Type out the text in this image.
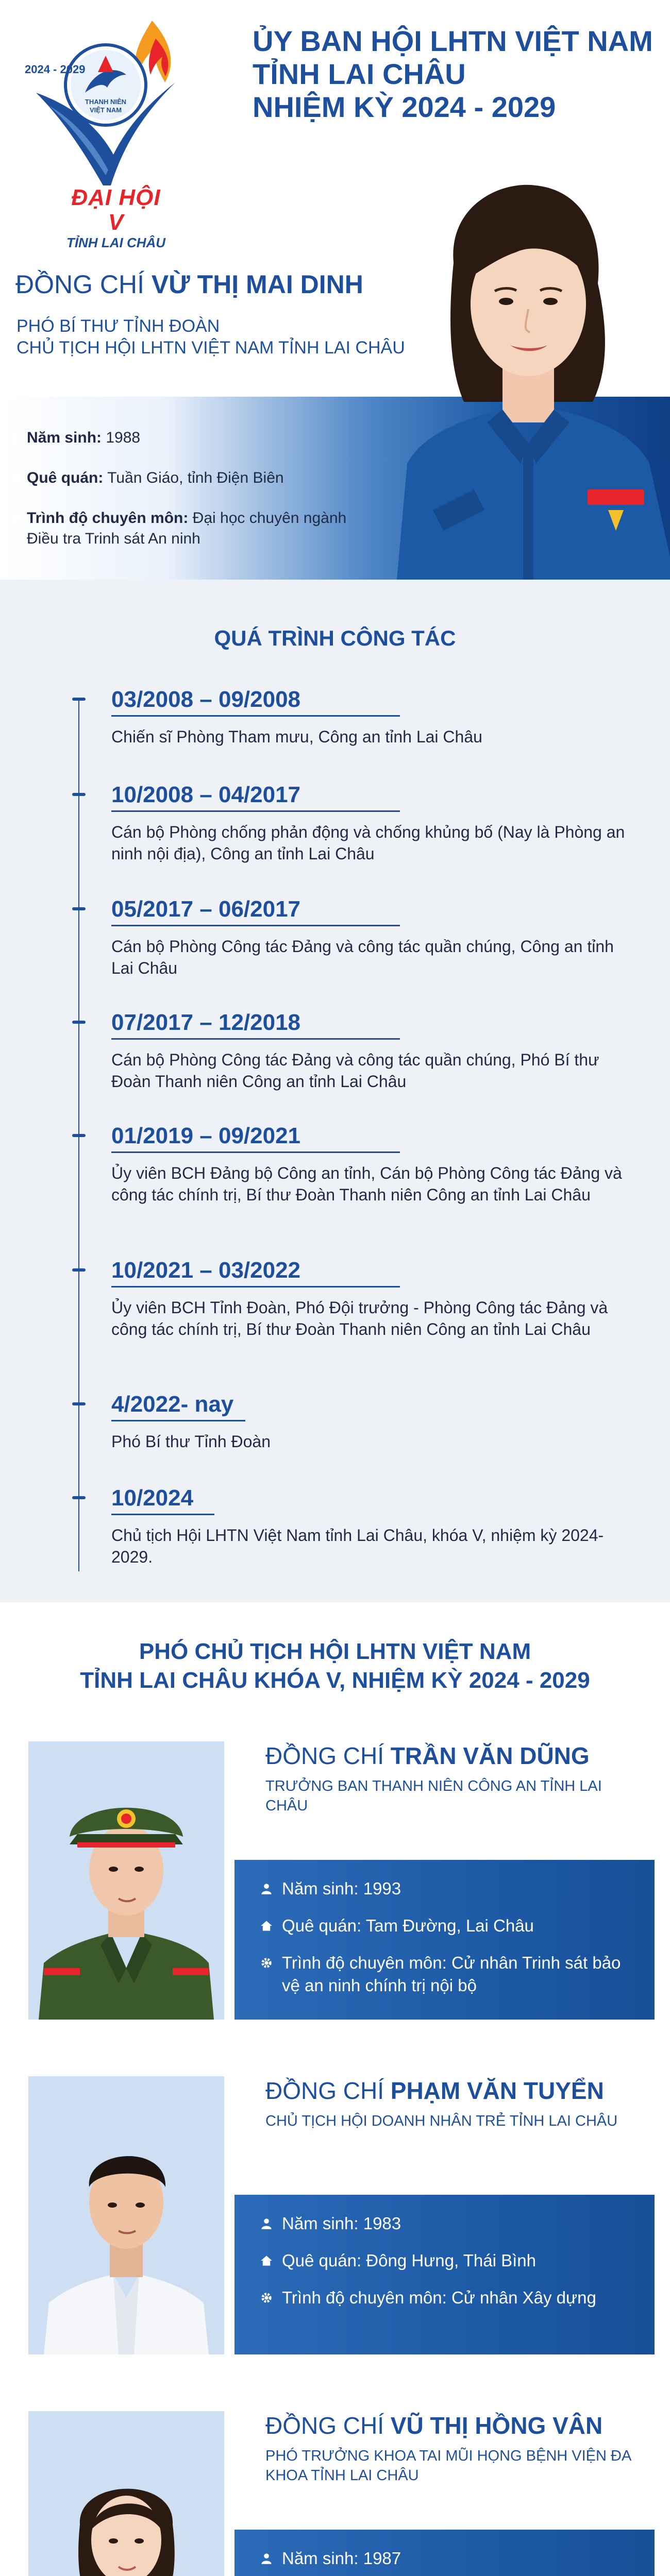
THANH NIÊN
VIỆT NAM
2024 - 2029
ĐẠI HỘI V
TỈNH LAI CHÂU
ỦY BAN HỘI LHTN VIỆT NAM
TỈNH LAI CHÂU
NHIỆM KỲ 2024 - 2029
ĐỒNG CHÍ VỪ THỊ MAI DINH
PHÓ BÍ THƯ TỈNH ĐOÀN
CHỦ TỊCH HỘI LHTN VIỆT NAM TỈNH LAI CHÂU
Năm sinh: 1988
Quê quán: Tuần Giáo, tỉnh Điện Biên
Trình độ chuyên môn: Đại học chuyên ngành Điều tra Trinh sát An ninh
QUÁ TRÌNH CÔNG TÁC
03/2008 – 09/2008
Chiến sĩ Phòng Tham mưu, Công an tỉnh Lai Châu
10/2008 – 04/2017
Cán bộ Phòng chống phản động và chống khủng bố (Nay là Phòng an ninh nội địa), Công an tỉnh Lai Châu
05/2017 – 06/2017
Cán bộ Phòng Công tác Đảng và công tác quần chúng, Công an tỉnh Lai Châu
07/2017 – 12/2018
Cán bộ Phòng Công tác Đảng và công tác quần chúng, Phó Bí thư Đoàn Thanh niên Công an tỉnh Lai Châu
01/2019 – 09/2021
Ủy viên BCH Đảng bộ Công an tỉnh, Cán bộ Phòng Công tác Đảng và công tác chính trị, Bí thư Đoàn Thanh niên Công an tỉnh Lai Châu
10/2021 – 03/2022
Ủy viên BCH Tỉnh Đoàn, Phó Đội trưởng - Phòng Công tác Đảng và công tác chính trị, Bí thư Đoàn Thanh niên Công an tỉnh Lai Châu
4/2022- nay
Phó Bí thư Tỉnh Đoàn
10/2024
Chủ tịch Hội LHTN Việt Nam tỉnh Lai Châu, khóa V, nhiệm kỳ 2024-2029.
PHÓ CHỦ TỊCH HỘI LHTN VIỆT NAM
TỈNH LAI CHÂU KHÓA V, NHIỆM KỲ 2024 - 2029
ĐỒNG CHÍ TRẦN VĂN DŨNG
TRƯỞNG BAN THANH NIÊN CÔNG AN TỈNH LAI CHÂU
Năm sinh: 1993
Quê quán: Tam Đường, Lai Châu
Trình độ chuyên môn: Cử nhân Trinh sát bảo vệ an ninh chính trị nội bộ
ĐỒNG CHÍ PHẠM VĂN TUYỂN
CHỦ TỊCH HỘI DOANH NHÂN TRẺ TỈNH LAI CHÂU
Năm sinh: 1983
Quê quán: Đông Hưng, Thái Bình
Trình độ chuyên môn: Cử nhân Xây dựng
ĐỒNG CHÍ VŨ THỊ HỒNG VÂN
PHÓ TRƯỞNG KHOA TAI MŨI HỌNG BỆNH VIỆN ĐA KHOA TỈNH LAI CHÂU
Năm sinh: 1987
